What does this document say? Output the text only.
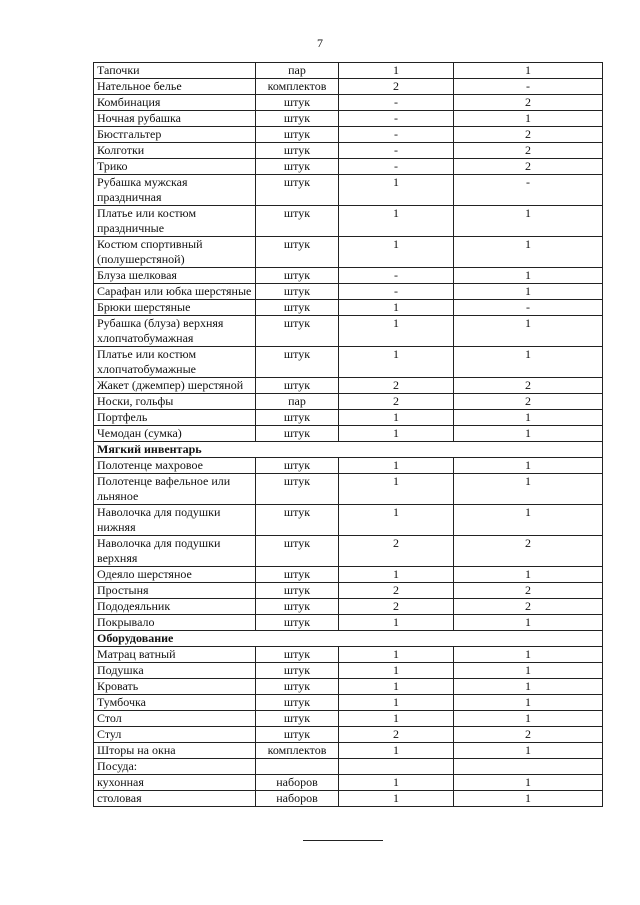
7
Тапочки	пар	1	1
Нательное белье	комплектов	2	-
Комбинация	штук	-	2
Ночная рубашка	штук	-	1
Бюстгальтер	штук	-	2
Колготки	штук	-	2
Трико	штук	-	2
Рубашка мужская праздничная	штук	1	-
Платье или костюм праздничные	штук	1	1
Костюм спортивный (полушерстяной)	штук	1	1
Блуза шелковая	штук	-	1
Сарафан или юбка шерстяные	штук	-	1
Брюки шерстяные	штук	1	-
Рубашка (блуза) верхняя хлопчатобумажная	штук	1	1
Платье или костюм хлопчатобумажные	штук	1	1
Жакет (джемпер) шерстяной	штук	2	2
Носки, гольфы	пар	2	2
Портфель	штук	1	1
Чемодан (сумка)	штук	1	1
Мягкий инвентарь			
Полотенце махровое	штук	1	1
Полотенце вафельное или льняное	штук	1	1
Наволочка для подушки нижняя	штук	1	1
Наволочка для подушки верхняя	штук	2	2
Одеяло шерстяное	штук	1	1
Простыня	штук	2	2
Пододеяльник	штук	2	2
Покрывало	штук	1	1
Оборудование			
Матрац ватный	штук	1	1
Подушка	штук	1	1
Кровать	штук	1	1
Тумбочка	штук	1	1
Стол	штук	1	1
Стул	штук	2	2
Шторы на окна	комплектов	1	1
Посуда:			
кухонная	наборов	1	1
столовая	наборов	1	1
